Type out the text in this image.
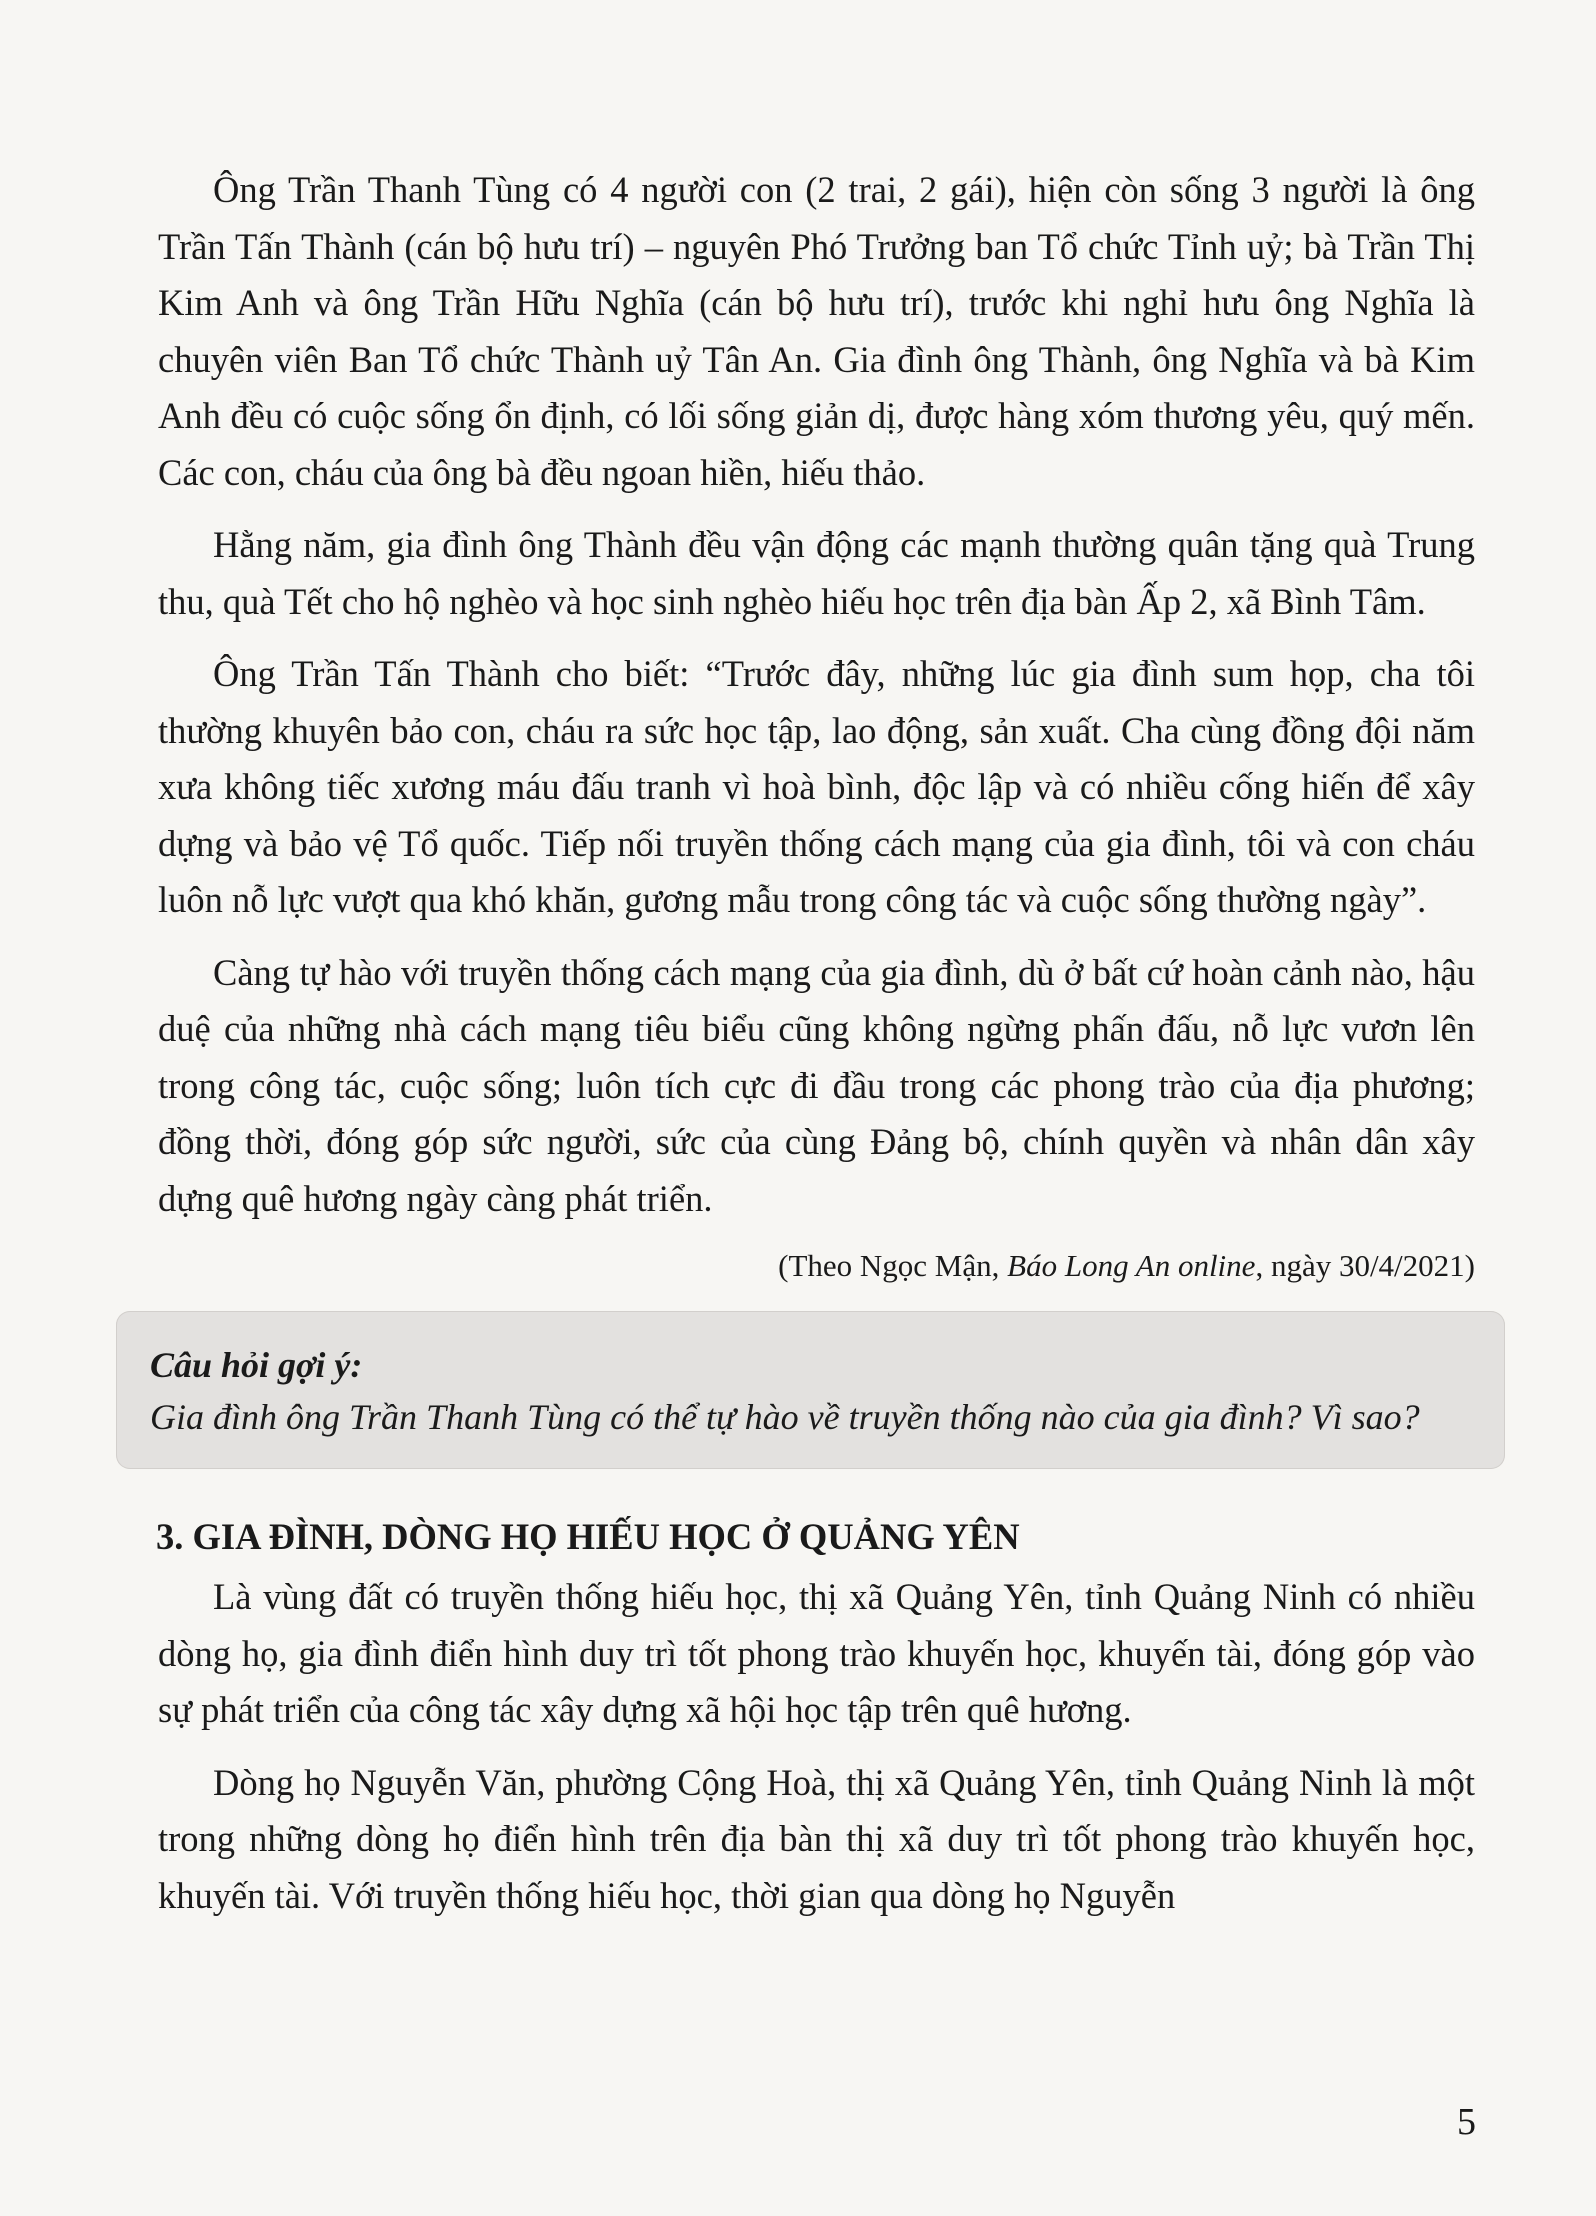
Ông Trần Thanh Tùng có 4 người con (2 trai, 2 gái), hiện còn sống 3 người là ông Trần Tấn Thành (cán bộ hưu trí) – nguyên Phó Trưởng ban Tổ chức Tỉnh uỷ; bà Trần Thị Kim Anh và ông Trần Hữu Nghĩa (cán bộ hưu trí), trước khi nghỉ hưu ông Nghĩa là chuyên viên Ban Tổ chức Thành uỷ Tân An. Gia đình ông Thành, ông Nghĩa và bà Kim Anh đều có cuộc sống ổn định, có lối sống giản dị, được hàng xóm thương yêu, quý mến. Các con, cháu của ông bà đều ngoan hiền, hiếu thảo.

Hằng năm, gia đình ông Thành đều vận động các mạnh thường quân tặng quà Trung thu, quà Tết cho hộ nghèo và học sinh nghèo hiếu học trên địa bàn Ấp 2, xã Bình Tâm.

Ông Trần Tấn Thành cho biết: “Trước đây, những lúc gia đình sum họp, cha tôi thường khuyên bảo con, cháu ra sức học tập, lao động, sản xuất. Cha cùng đồng đội năm xưa không tiếc xương máu đấu tranh vì hoà bình, độc lập và có nhiều cống hiến để xây dựng và bảo vệ Tổ quốc. Tiếp nối truyền thống cách mạng của gia đình, tôi và con cháu luôn nỗ lực vượt qua khó khăn, gương mẫu trong công tác và cuộc sống thường ngày”.

Càng tự hào với truyền thống cách mạng của gia đình, dù ở bất cứ hoàn cảnh nào, hậu duệ của những nhà cách mạng tiêu biểu cũng không ngừng phấn đấu, nỗ lực vươn lên trong công tác, cuộc sống; luôn tích cực đi đầu trong các phong trào của địa phương; đồng thời, đóng góp sức người, sức của cùng Đảng bộ, chính quyền và nhân dân xây dựng quê hương ngày càng phát triển.

(Theo Ngọc Mận, Báo Long An online, ngày 30/4/2021)

Câu hỏi gợi ý:

Gia đình ông Trần Thanh Tùng có thể tự hào về truyền thống nào của gia đình? Vì sao?

3. GIA ĐÌNH, DÒNG HỌ HIẾU HỌC Ở QUẢNG YÊN

Là vùng đất có truyền thống hiếu học, thị xã Quảng Yên, tỉnh Quảng Ninh có nhiều dòng họ, gia đình điển hình duy trì tốt phong trào khuyến học, khuyến tài, đóng góp vào sự phát triển của công tác xây dựng xã hội học tập trên quê hương.

Dòng họ Nguyễn Văn, phường Cộng Hoà, thị xã Quảng Yên, tỉnh Quảng Ninh là một trong những dòng họ điển hình trên địa bàn thị xã duy trì tốt phong trào khuyến học, khuyến tài. Với truyền thống hiếu học, thời gian qua dòng họ Nguyễn

5
